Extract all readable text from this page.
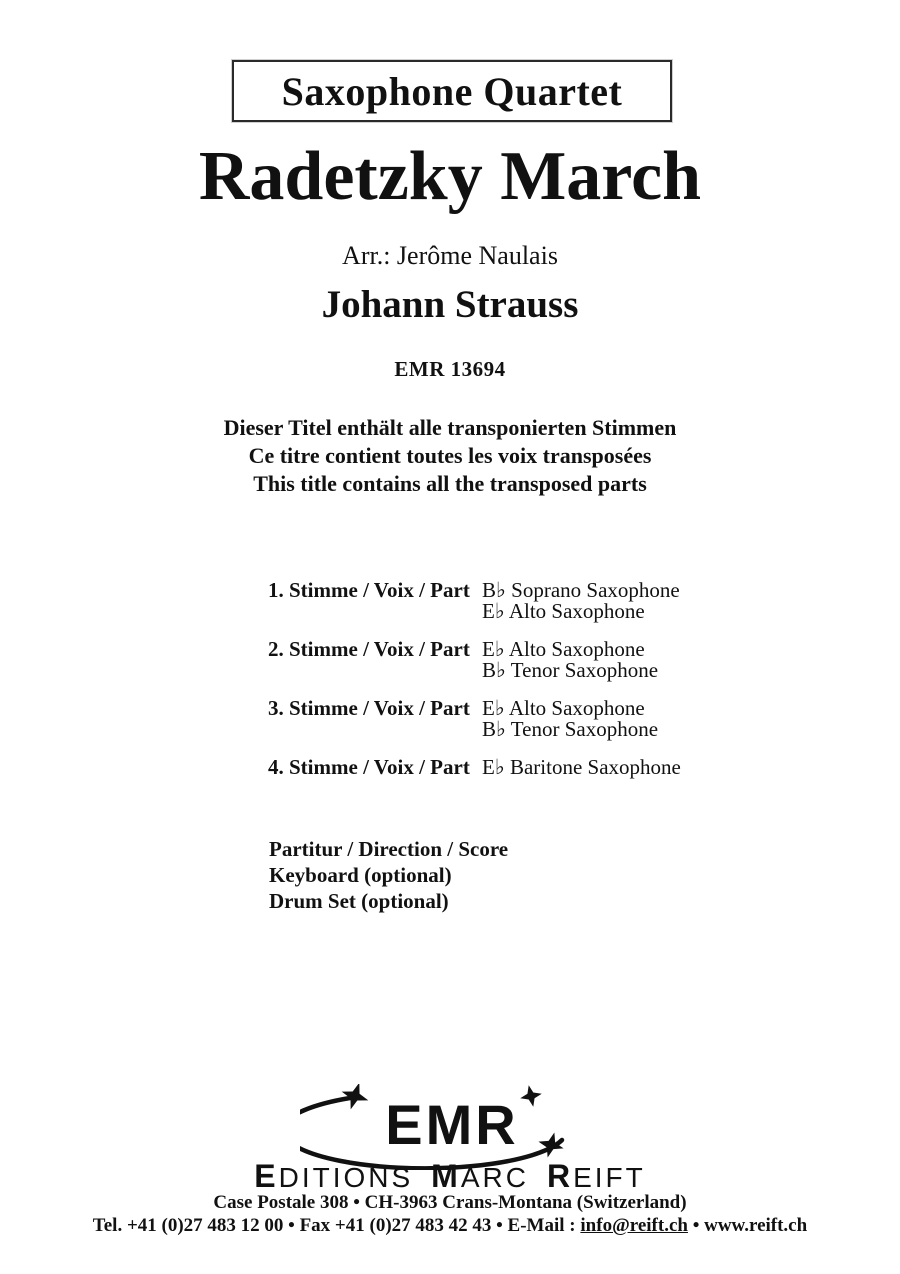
Saxophone Quartet
Radetzky March
Arr.: Jerôme Naulais
Johann Strauss
EMR 13694
Dieser Titel enthält alle transponierten Stimmen
Ce titre contient toutes les voix transposées
This title contains all the transposed parts
1. Stimme / Voix / Part B♭ Soprano Saxophone
E♭ Alto Saxophone
2. Stimme / Voix / Part E♭ Alto Saxophone
B♭ Tenor Saxophone
3. Stimme / Voix / Part E♭ Alto Saxophone
B♭ Tenor Saxophone
4. Stimme / Voix / Part E♭ Baritone Saxophone
Partitur / Direction / Score
Keyboard (optional)
Drum Set (optional)
EMR
EDITIONS MARC REIFT
Case Postale 308 • CH-3963 Crans-Montana (Switzerland)
Tel. +41 (0)27 483 12 00 • Fax +41 (0)27 483 42 43 • E-Mail : info@reift.ch • www.reift.ch
